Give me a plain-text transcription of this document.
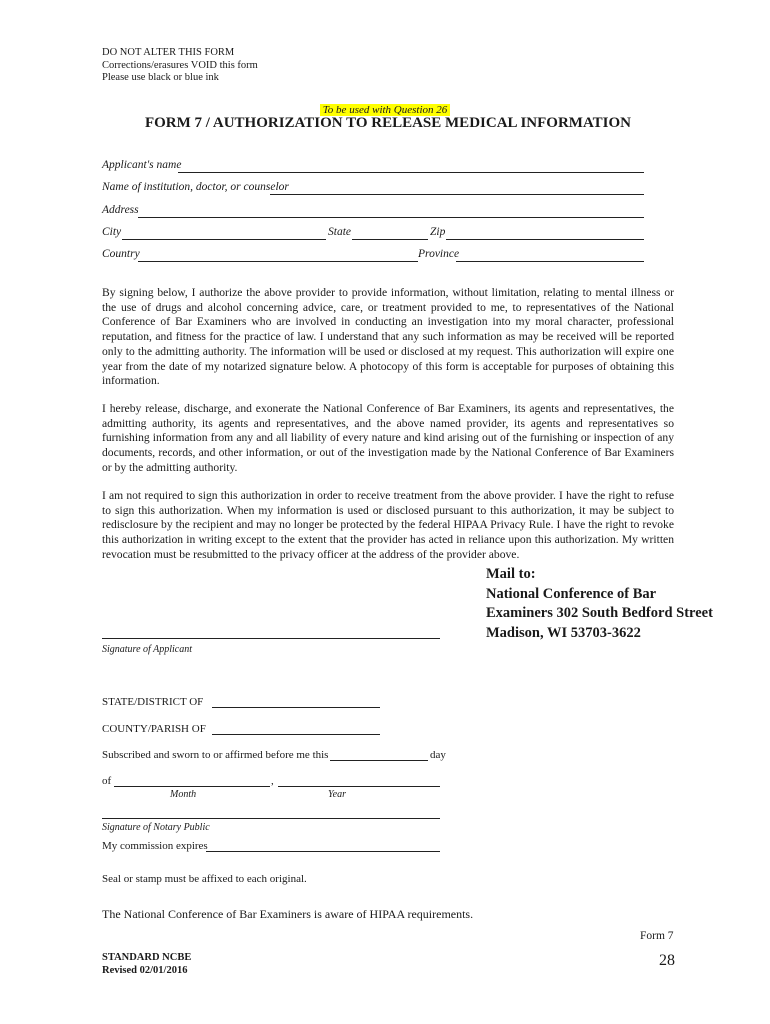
DO NOT ALTER THIS FORM
Corrections/erasures VOID this form
Please use black or blue ink
To be used with Question 26
FORM 7 / AUTHORIZATION TO RELEASE MEDICAL INFORMATION
Applicant's name
Name of institution, doctor, or counselor
Address
City	State	Zip
Country	Province
By signing below, I authorize the above provider to provide information, without limitation, relating to mental illness or the use of drugs and alcohol concerning advice, care, or treatment provided to me, to representatives of the National Conference of Bar Examiners who are involved in conducting an investigation into my moral character, professional reputation, and fitness for the practice of law. I understand that any such information as may be received will be reported only to the admitting authority. The information will be used or disclosed at my request. This authorization will expire one year from the date of my notarized signature below. A photocopy of this form is acceptable for purposes of obtaining this information.
I hereby release, discharge, and exonerate the National Conference of Bar Examiners, its agents and representatives, the admitting authority, its agents and representatives, and the above named provider, its agents and representatives so furnishing information from any and all liability of every nature and kind arising out of the furnishing or inspection of any documents, records, and other information, or out of the investigation made by the National Conference of Bar Examiners or by the admitting authority.
I am not required to sign this authorization in order to receive treatment from the above provider. I have the right to refuse to sign this authorization. When my information is used or disclosed pursuant to this authorization, it may be subject to redisclosure by the recipient and may no longer be protected by the federal HIPAA Privacy Rule. I have the right to revoke this authorization in writing except to the extent that the provider has acted in reliance upon this authorization. My written revocation must be resubmitted to the privacy officer at the address of the provider above.
Mail to:
National Conference of Bar
Examiners 302 South Bedford Street
Madison, WI 53703-3622
Signature of Applicant
STATE/DISTRICT OF
COUNTY/PARISH OF
Subscribed and sworn to or affirmed before me this	day
of	,
Month	Year
Signature of Notary Public
My commission expires
Seal or stamp must be affixed to each original.
The National Conference of Bar Examiners is aware of HIPAA requirements.
Form 7
STANDARD NCBE
Revised 02/01/2016
28
